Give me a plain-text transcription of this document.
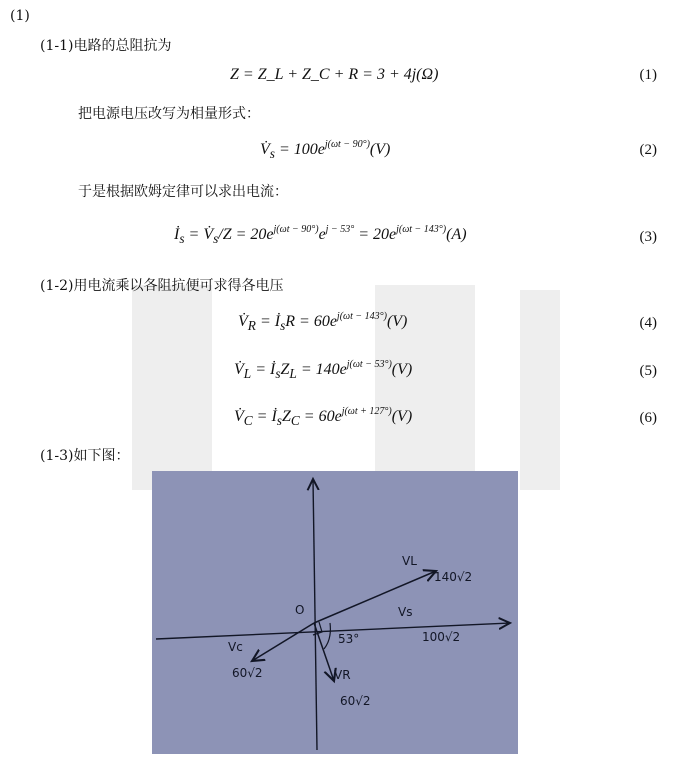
(1)
(1-1)电路的总阻抗为
Z = Z_L + Z_C + R = 3 + 4j(Ω)	(1)
把电源电压改写为相量形式：
$V̇_s = 100e^{j(\omega t - 90^\circ)}(V)$	(2)
于是根据欧姆定律可以求出电流：
$İ_s$ = $V̇_s/Z = 20e^{j(\omega t - 90^\circ)}e^{j - 53^\circ} = 20e^{j(\omega t - 143^\circ)}(A)$	(3)
(1-2)用电流乘以各阻抗便可求得各电压
$V̇_R$ = $İ_sR = 60e^{j(\omega t - 143^\circ)}(V)$	(4)
$V̇_L$ = $İ_sZ_L = 140e^{j(\omega t - 53^\circ)}(V)$	(5)
$V̇_C$ = $İ_sZ_C = 60e^{j(\omega t + 127^\circ)}(V)$	(6)
(1-3)如下图：
O
VL
140√2
Vs
100√2
Vc
60√2	VR
60√2
53°
